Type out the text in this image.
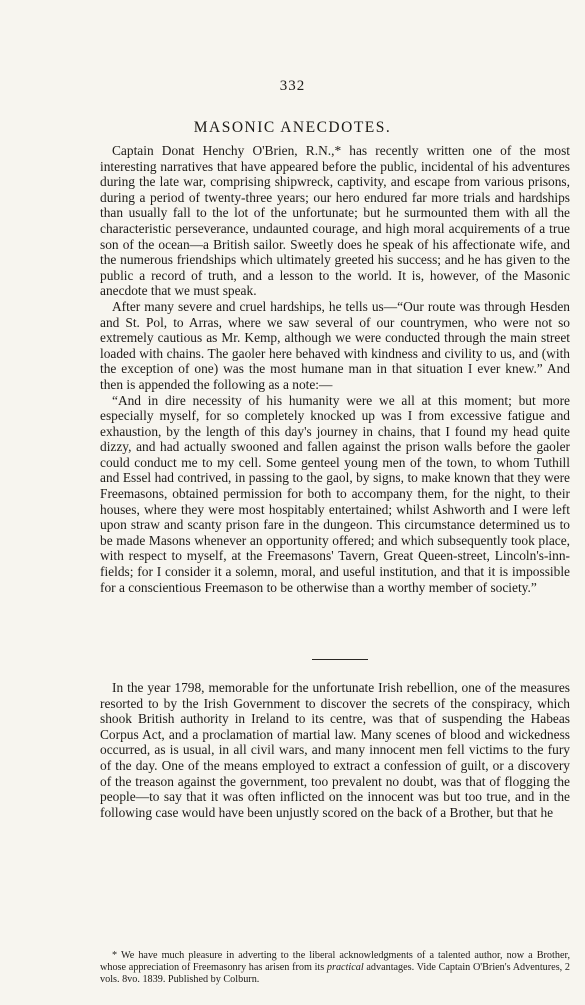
332
MASONIC ANECDOTES.

Captain Donat Henchy O'Brien, R.N.,* has recently written one of the most interesting narratives that have appeared before the public, incidental of his adventures during the late war, comprising shipwreck, captivity, and escape from various prisons, during a period of twenty-three years; our hero endured far more trials and hardships than usually fall to the lot of the unfortunate; but he surmounted them with all the characteristic perseverance, undaunted courage, and high moral acquirements of a true son of the ocean—a British sailor. Sweetly does he speak of his affectionate wife, and the numerous friendships which ultimately greeted his success; and he has given to the public a record of truth, and a lesson to the world. It is, however, of the Masonic anecdote that we must speak.

After many severe and cruel hardships, he tells us—“Our route was through Hesden and St. Pol, to Arras, where we saw several of our countrymen, who were not so extremely cautious as Mr. Kemp, although we were conducted through the main street loaded with chains. The gaoler here behaved with kindness and civility to us, and (with the exception of one) was the most humane man in that situation I ever knew.” And then is appended the following as a note:—

“And in dire necessity of his humanity were we all at this moment; but more especially myself, for so completely knocked up was I from excessive fatigue and exhaustion, by the length of this day's journey in chains, that I found my head quite dizzy, and had actually swooned and fallen against the prison walls before the gaoler could conduct me to my cell. Some genteel young men of the town, to whom Tuthill and Essel had contrived, in passing to the gaol, by signs, to make known that they were Freemasons, obtained permission for both to accompany them, for the night, to their houses, where they were most hospitably entertained; whilst Ashworth and I were left upon straw and scanty prison fare in the dungeon. This circumstance determined us to be made Masons whenever an opportunity offered; and which subsequently took place, with respect to myself, at the Freemasons' Tavern, Great Queen-street, Lincoln's-inn-fields; for I consider it a solemn, moral, and useful institution, and that it is impossible for a conscientious Freemason to be otherwise than a worthy member of society.”

In the year 1798, memorable for the unfortunate Irish rebellion, one of the measures resorted to by the Irish Government to discover the secrets of the conspiracy, which shook British authority in Ireland to its centre, was that of suspending the Habeas Corpus Act, and a proclamation of martial law. Many scenes of blood and wickedness occurred, as is usual, in all civil wars, and many innocent men fell victims to the fury of the day. One of the means employed to extract a confession of guilt, or a discovery of the treason against the government, too prevalent no doubt, was that of flogging the people—to say that it was often inflicted on the innocent was but too true, and in the following case would have been unjustly scored on the back of a Brother, but that he

* We have much pleasure in adverting to the liberal acknowledgments of a talented author, now a Brother, whose appreciation of Freemasonry has arisen from its practical advantages. Vide Captain O'Brien's Adventures, 2 vols. 8vo. 1839. Published by Colburn.
